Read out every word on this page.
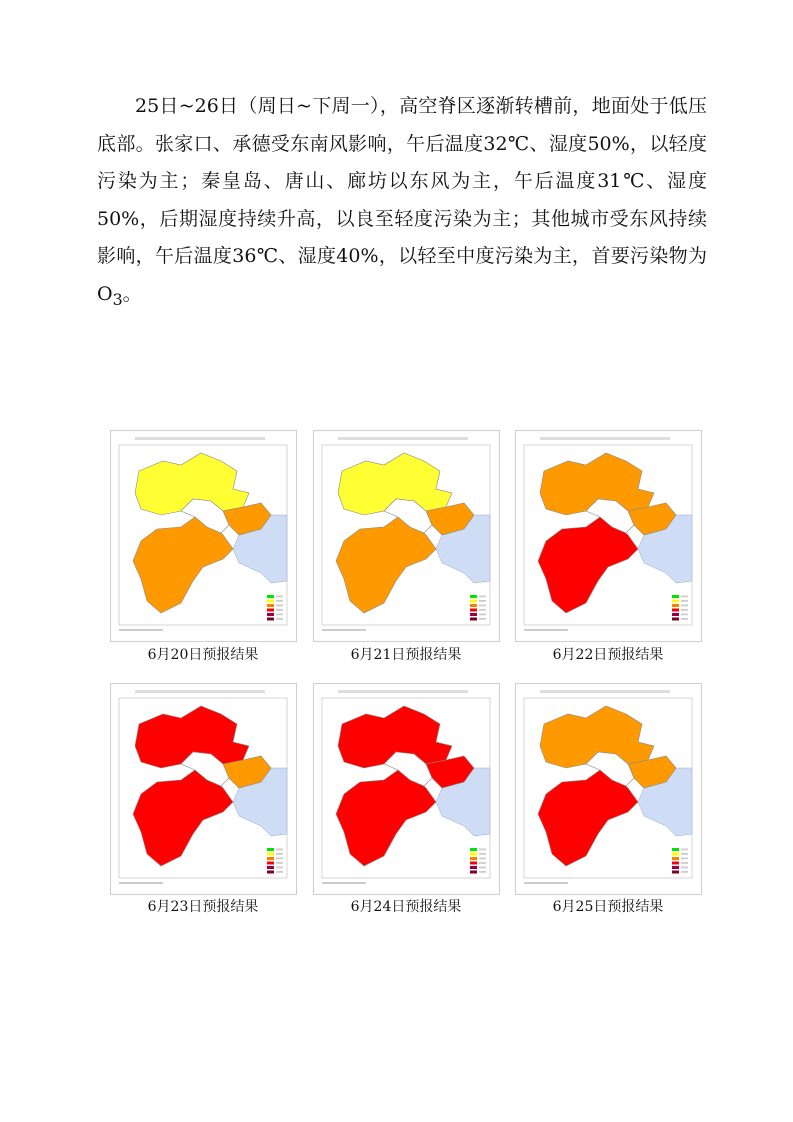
25日~26日（周日~下周一），高空脊区逐渐转槽前，地面处于低压底部。张家口、承德受东南风影响，午后温度32℃、湿度50%，以轻度污染为主；秦皇岛、唐山、廊坊以东风为主，午后温度31℃、湿度50%，后期湿度持续升高，以良至轻度污染为主；其他城市受东风持续影响，午后温度36℃、湿度40%，以轻至中度污染为主，首要污染物为$O_3$。

6月20日预报结果	6月21日预报结果	6月22日预报结果
6月23日预报结果	6月24日预报结果	6月25日预报结果
